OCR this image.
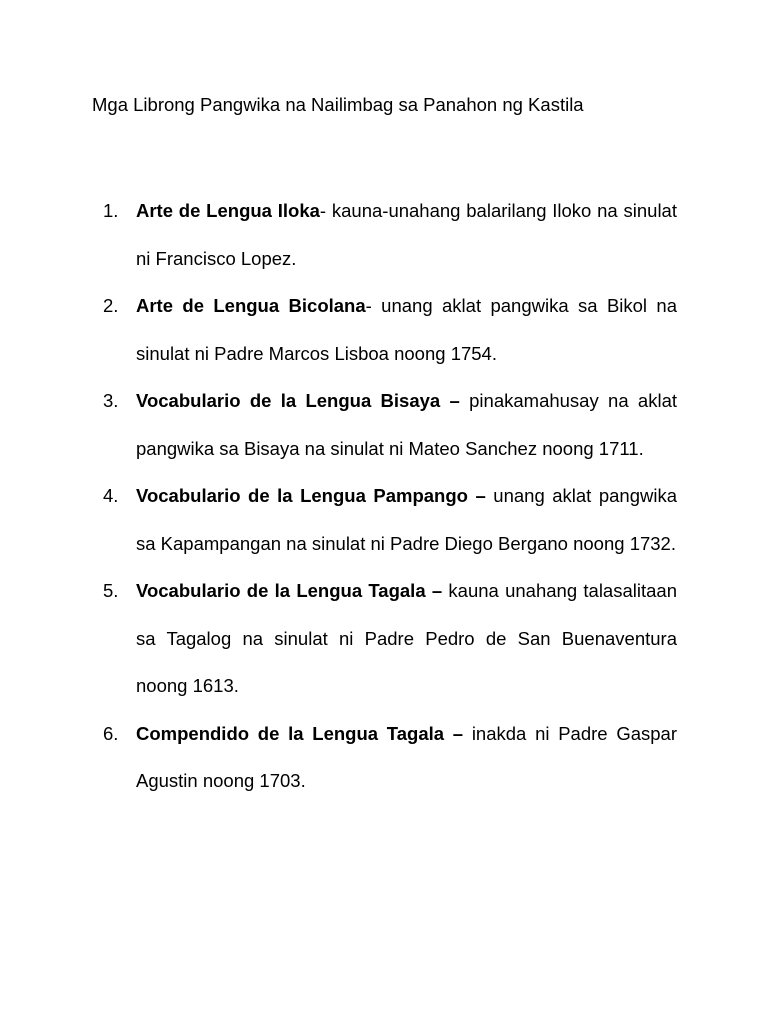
Mga Librong Pangwika na Nailimbag sa Panahon ng Kastila
1. Arte de Lengua Iloka- kauna-unahang balarilang Iloko na sinulat ni Francisco Lopez.
2. Arte de Lengua Bicolana- unang aklat pangwika sa Bikol na sinulat ni Padre Marcos Lisboa noong 1754.
3. Vocabulario de la Lengua Bisaya – pinakamahusay na aklat pangwika sa Bisaya na sinulat ni Mateo Sanchez noong 1711.
4. Vocabulario de la Lengua Pampango – unang aklat pangwika sa Kapampangan na sinulat ni Padre Diego Bergano noong 1732.
5. Vocabulario de la Lengua Tagala – kauna unahang talasalitaan sa Tagalog na sinulat ni Padre Pedro de San Buenaventura noong 1613.
6. Compendido de la Lengua Tagala – inakda ni Padre Gaspar Agustin noong 1703.
